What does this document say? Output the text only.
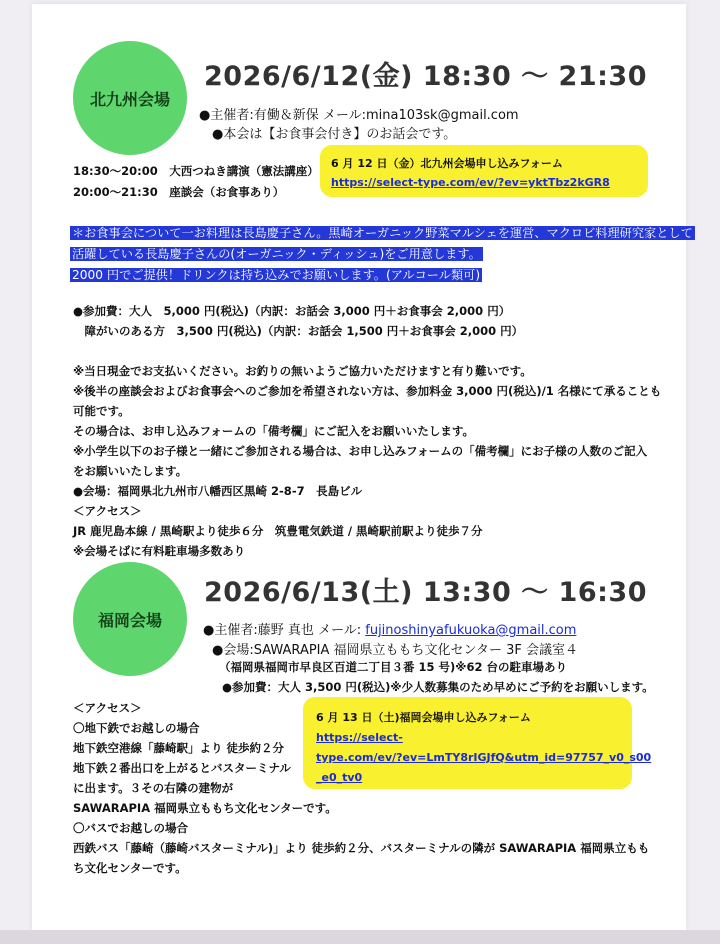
北九州会場
2026/6/12(金) 18:30 ～ 21:30
●主催者:有働＆新保 メール:mina103sk@gmail.com
●本会は【お食事会付き】のお話会です。
18:30～20:00　大西つねき講演（憲法講座）
20:00～21:30　座談会（お食事あり）
6 月 12 日（金）北九州会場申し込みフォーム
https://select-type.com/ev/?ev=yktTbz2kGR8
＊お食事会について一お料理は長島慶子さん。黒崎オーガニック野菜マルシェを運営、マクロビ料理研究家として
活躍している長島慶子さんの(オーガニック・ディッシュ)をご用意します。
2000 円でご提供！ドリンクは持ち込みでお願いします。(アルコール類可)
●参加費：大人　5,000 円(税込)（内訳：お話会 3,000 円＋お食事会 2,000 円）
　障がいのある方　3,500 円(税込)（内訳：お話会 1,500 円＋お食事会 2,000 円）
※当日現金でお支払いください。お釣りの無いようご協力いただけますと有り難いです。
※後半の座談会およびお食事会へのご参加を希望されない方は、参加料金 3,000 円(税込)/1 名様にて承ることも
可能です。
その場合は、お申し込みフォームの「備考欄」にご記入をお願いいたします。
※小学生以下のお子様と一緒にご参加される場合は、お申し込みフォームの「備考欄」にお子様の人数のご記入
をお願いいたします。
●会場：福岡県北九州市八幡西区黒崎 2-8-7　長島ビル
＜アクセス＞
JR 鹿児島本線 / 黒崎駅より徒歩６分　筑豊電気鉄道 / 黒崎駅前駅より徒歩７分
※会場そばに有料駐車場多数あり
福岡会場
2026/6/13(土) 13:30 ～ 16:30
●主催者:藤野 真也 メール: fujinoshinyafukuoka@gmail.com
●会場:SAWARAPIA 福岡県立ももち文化センター 3F 会議室４
（福岡県福岡市早良区百道二丁目３番 15 号)※62 台の駐車場あり
●参加費：大人 3,500 円(税込)※少人数募集のため早めにご予約をお願いします。
6 月 13 日（土)福岡会場申し込みフォーム
https://select-
type.com/ev/?ev=LmTY8rIGJfQ&utm_id=97757_v0_s00
_e0_tv0
＜アクセス＞
〇地下鉄でお越しの場合
地下鉄空港線「藤崎駅」より 徒歩約２分
地下鉄２番出口を上がるとバスターミナル
に出ます。３その右隣の建物が
SAWARAPIA 福岡県立ももち文化センターです。
〇バスでお越しの場合
西鉄バス「藤崎（藤崎バスターミナル)」より 徒歩約２分、バスターミナルの隣が SAWARAPIA 福岡県立もも
ち文化センターです。
